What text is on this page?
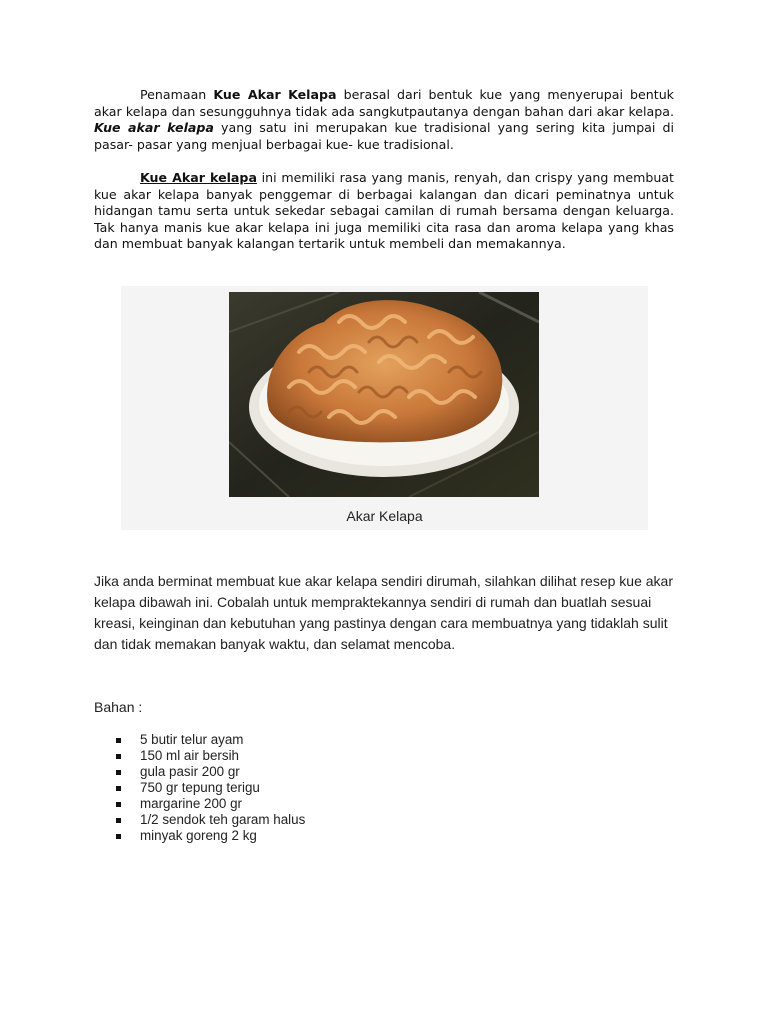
Penamaan Kue Akar Kelapa berasal dari bentuk kue yang menyerupai bentuk akar kelapa dan sesungguhnya tidak ada sangkutpautanya dengan bahan dari akar kelapa. Kue akar kelapa yang satu ini merupakan kue tradisional yang sering kita jumpai di pasar- pasar yang menjual berbagai kue- kue tradisional.

Kue Akar kelapa ini memiliki rasa yang manis, renyah, dan crispy yang membuat kue akar kelapa banyak penggemar di berbagai kalangan dan dicari peminatnya untuk hidangan tamu serta untuk sekedar sebagai camilan di rumah bersama dengan keluarga. Tak hanya manis kue akar kelapa ini juga memiliki cita rasa dan aroma kelapa yang khas dan membuat banyak kalangan tertarik untuk membeli dan memakannya.

Akar Kelapa

Jika anda berminat membuat kue akar kelapa sendiri dirumah, silahkan dilihat resep kue akar kelapa dibawah ini. Cobalah untuk mempraktekannya sendiri di rumah dan buatlah sesuai kreasi, keinginan dan kebutuhan yang pastinya dengan cara membuatnya yang tidaklah sulit dan tidak memakan banyak waktu, dan selamat mencoba.

Bahan :

5 butir telur ayam
150 ml air bersih
gula pasir 200 gr
750 gr tepung terigu
margarine 200 gr
1/2 sendok teh garam halus
minyak goreng 2 kg
